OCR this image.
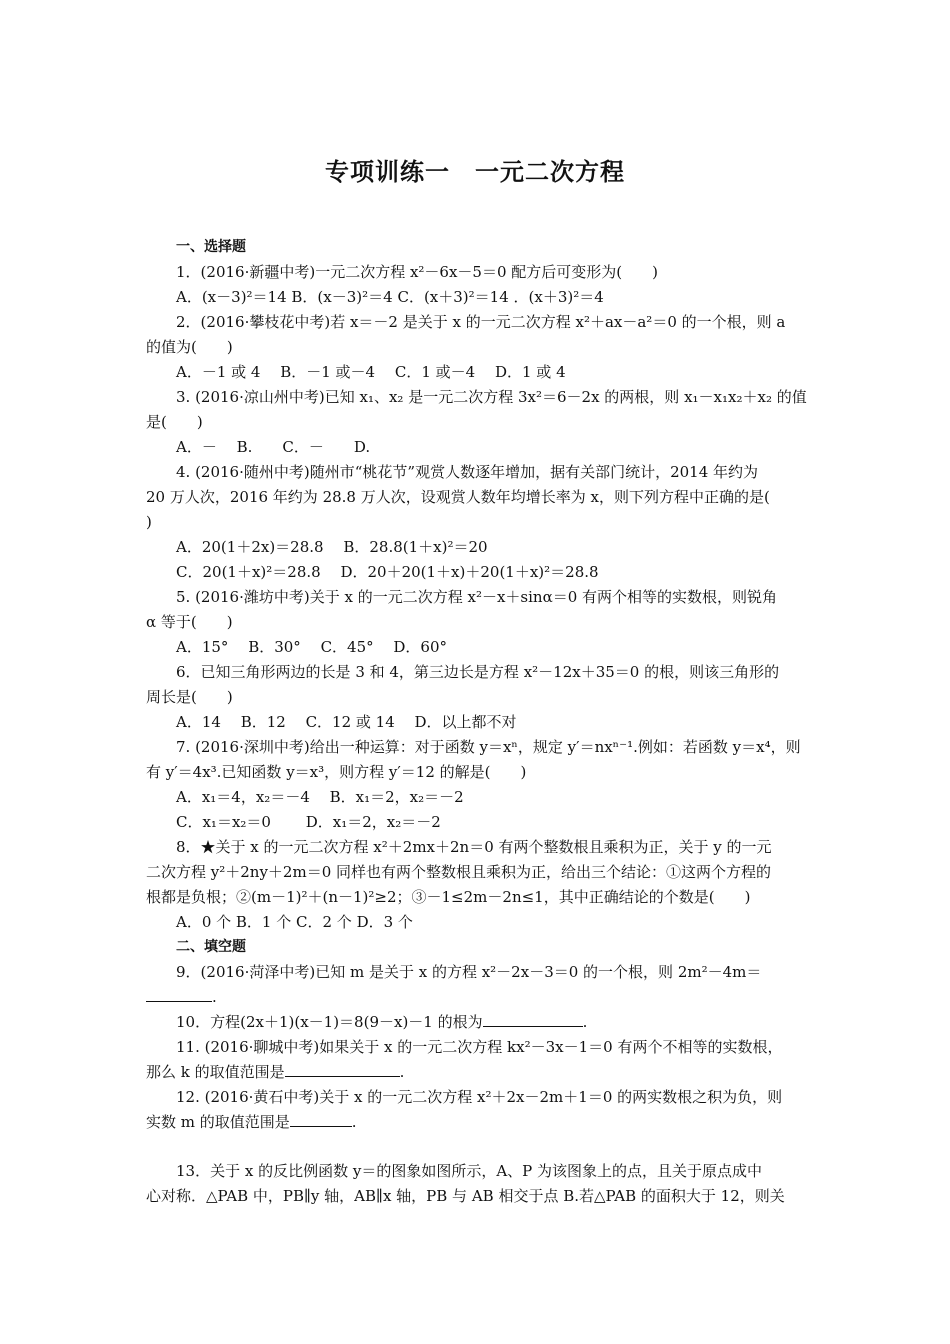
专项训练一　一元二次方程
一、选择题
1．(2016·新疆中考)一元二次方程 x²－6x－5＝0 配方后可变形为(　　)
A．(x－3)²＝14 B．(x－3)²＝4 C．(x＋3)²＝14 ．(x＋3)²＝4
2．(2016·攀枝花中考)若 x＝－2 是关于 x 的一元二次方程 x²＋ax－a²＝0 的一个根，则 a
的值为(　　)
A．－1 或 4　 B．－1 或－4　 C．1 或－4　 D．1 或 4
3. (2016·凉山州中考)已知 x₁、x₂ 是一元二次方程 3x²＝6－2x 的两根，则 x₁－x₁x₂＋x₂ 的值
是(　　)
A．－　 B.　　C．－　　D.
4. (2016·随州中考)随州市“桃花节”观赏人数逐年增加，据有关部门统计，2014 年约为
20 万人次，2016 年约为 28.8 万人次，设观赏人数年均增长率为 x，则下列方程中正确的是(
)
A．20(1＋2x)＝28.8　 B．28.8(1＋x)²＝20
C．20(1＋x)²＝28.8　 D．20＋20(1＋x)＋20(1＋x)²＝28.8
5. (2016·潍坊中考)关于 x 的一元二次方程 x²－x＋sinα＝0 有两个相等的实数根，则锐角
α 等于(　　)
A．15°　 B．30°　 C．45°　 D．60°
6．已知三角形两边的长是 3 和 4，第三边长是方程 x²－12x＋35＝0 的根，则该三角形的
周长是(　　)
A．14　 B．12　 C．12 或 14　 D．以上都不对
7. (2016·深圳中考)给出一种运算：对于函数 y＝xⁿ，规定 y′＝nxⁿ⁻¹.例如：若函数 y＝x⁴，则
有 y′＝4x³.已知函数 y＝x³，则方程 y′＝12 的解是(　　)
A．x₁＝4，x₂＝－4　 B．x₁＝2，x₂＝－2
C．x₁＝x₂＝0　　 D．x₁＝2，x₂＝－2
8．★关于 x 的一元二次方程 x²＋2mx＋2n＝0 有两个整数根且乘积为正，关于 y 的一元
二次方程 y²＋2ny＋2m＝0 同样也有两个整数根且乘积为正，给出三个结论：①这两个方程的
根都是负根；②(m－1)²＋(n－1)²≥2；③－1≤2m－2n≤1，其中正确结论的个数是(　　)
A．0 个 B．1 个 C．2 个 D．3 个
二、填空题
9．(2016·菏泽中考)已知 m 是关于 x 的方程 x²－2x－3＝0 的一个根，则 2m²－4m＝
.
10．方程(2x＋1)(x－1)＝8(9－x)－1 的根为	.
11. (2016·聊城中考)如果关于 x 的一元二次方程 kx²－3x－1＝0 有两个不相等的实数根，
那么 k 的取值范围是	.
12. (2016·黄石中考)关于 x 的一元二次方程 x²＋2x－2m＋1＝0 的两实数根之积为负，则
实数 m 的取值范围是	.
13．关于 x 的反比例函数 y＝的图象如图所示，A、P 为该图象上的点，且关于原点成中
心对称．△PAB 中，PB∥y 轴，AB∥x 轴，PB 与 AB 相交于点 B.若△PAB 的面积大于 12，则关
